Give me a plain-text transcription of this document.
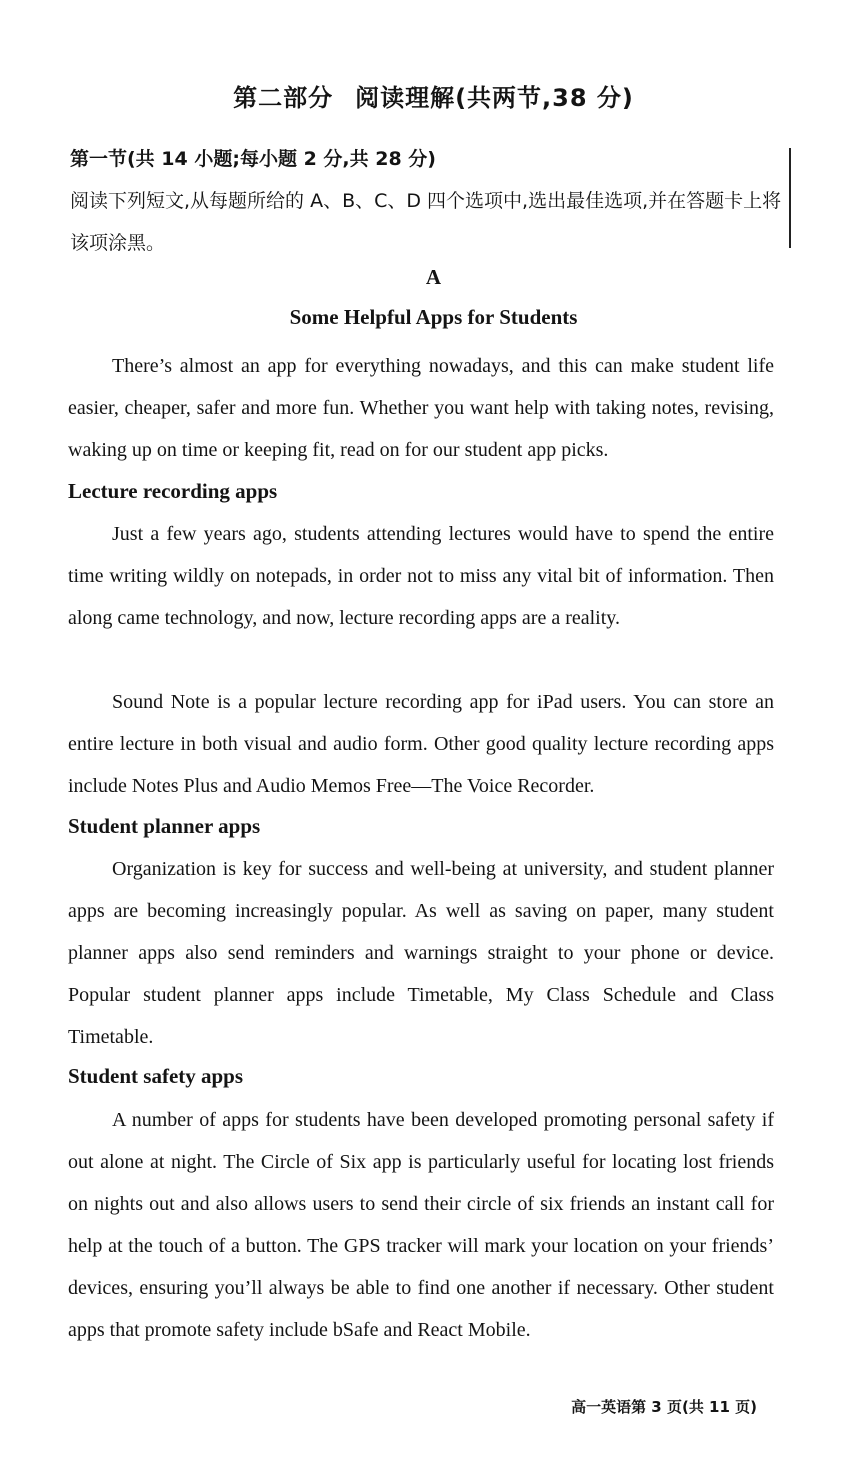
第二部分 阅读理解(共两节,38 分)
第一节(共 14 小题;每小题 2 分,共 28 分)
阅读下列短文,从每题所给的 A、B、C、D 四个选项中,选出最佳选项,并在答题卡上将该项涂黑。
A
Some Helpful Apps for Students

There’s almost an app for everything nowadays, and this can make student life easier, cheaper, safer and more fun. Whether you want help with taking notes, revising, waking up on time or keeping fit, read on for our student app picks.

Lecture recording apps

Just a few years ago, students attending lectures would have to spend the entire time writing wildly on notepads, in order not to miss any vital bit of information. Then along came technology, and now, lecture recording apps are a reality.

Sound Note is a popular lecture recording app for iPad users. You can store an entire lecture in both visual and audio form. Other good quality lecture recording apps include Notes Plus and Audio Memos Free—The Voice Recorder.

Student planner apps

Organization is key for success and well-being at university, and student planner apps are becoming increasingly popular. As well as saving on paper, many student planner apps also send reminders and warnings straight to your phone or device. Popular student planner apps include Timetable, My Class Schedule and Class Timetable.

Student safety apps

A number of apps for students have been developed promoting personal safety if out alone at night. The Circle of Six app is particularly useful for locating lost friends on nights out and also allows users to send their circle of six friends an instant call for help at the touch of a button. The GPS tracker will mark your location on your friends’ devices, ensuring you’ll always be able to find one another if necessary. Other student apps that promote safety include bSafe and React Mobile.

高一英语第 3 页(共 11 页)
